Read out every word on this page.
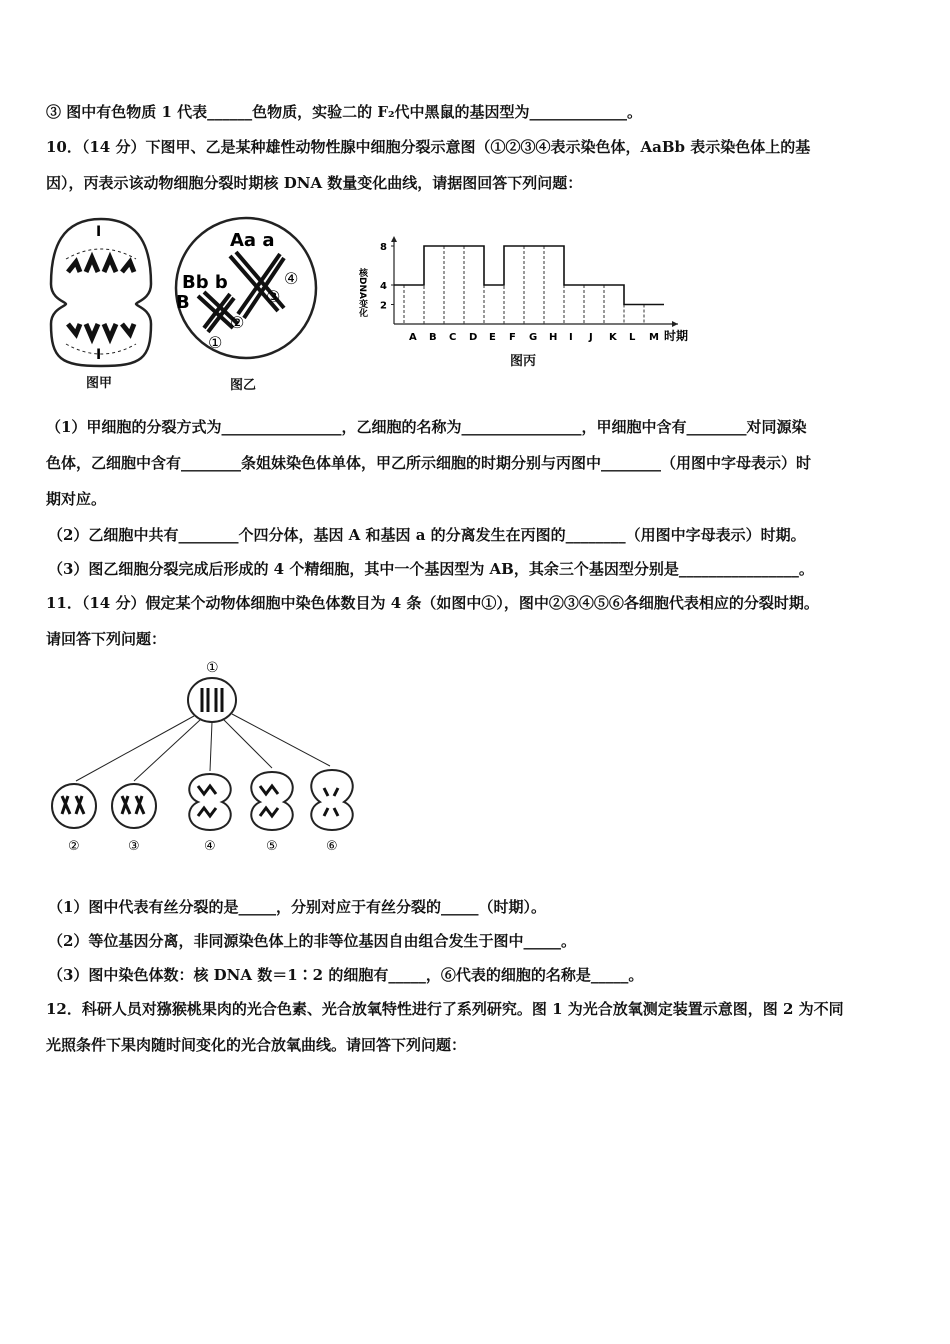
③ 图中有色物质 1 代表______色物质，实验二的 F₂代中黑鼠的基因型为_____________。
10．（14 分）下图甲、乙是某种雄性动物性腺中细胞分裂示意图（①②③④表示染色体，AaBb 表示染色体上的基
因），丙表示该动物细胞分裂时期核 DNA 数量变化曲线，请据图回答下列问题：
I
I
图甲
Aa a
Bb b
B
①
②
③
④
图乙
2
4
8
A B C D E F G H I J K L M
核DNA变化
时期
图丙
（1）甲细胞的分裂方式为________________，乙细胞的名称为________________，甲细胞中含有________对同源染
色体，乙细胞中含有________条姐妹染色体单体，甲乙所示细胞的时期分别与丙图中________（用图中字母表示）时
期对应。
（2）乙细胞中共有________个四分体，基因 A 和基因 a 的分离发生在丙图的________（用图中字母表示）时期。
（3）图乙细胞分裂完成后形成的 4 个精细胞，其中一个基因型为 AB，其余三个基因型分别是________________。
11．（14 分）假定某个动物体细胞中染色体数目为 4 条（如图中①），图中②③④⑤⑥各细胞代表相应的分裂时期。
请回答下列问题：
①
②	③	④	⑤	⑥
（1）图中代表有丝分裂的是_____，分别对应于有丝分裂的_____（时期）。
（2）等位基因分离，非同源染色体上的非等位基因自由组合发生于图中_____。
（3）图中染色体数：核 DNA 数＝1∶2 的细胞有_____，⑥代表的细胞的名称是_____。
12．科研人员对猕猴桃果肉的光合色素、光合放氧特性进行了系列研究。图 1 为光合放氧测定装置示意图，图 2 为不同
光照条件下果肉随时间变化的光合放氧曲线。请回答下列问题：
